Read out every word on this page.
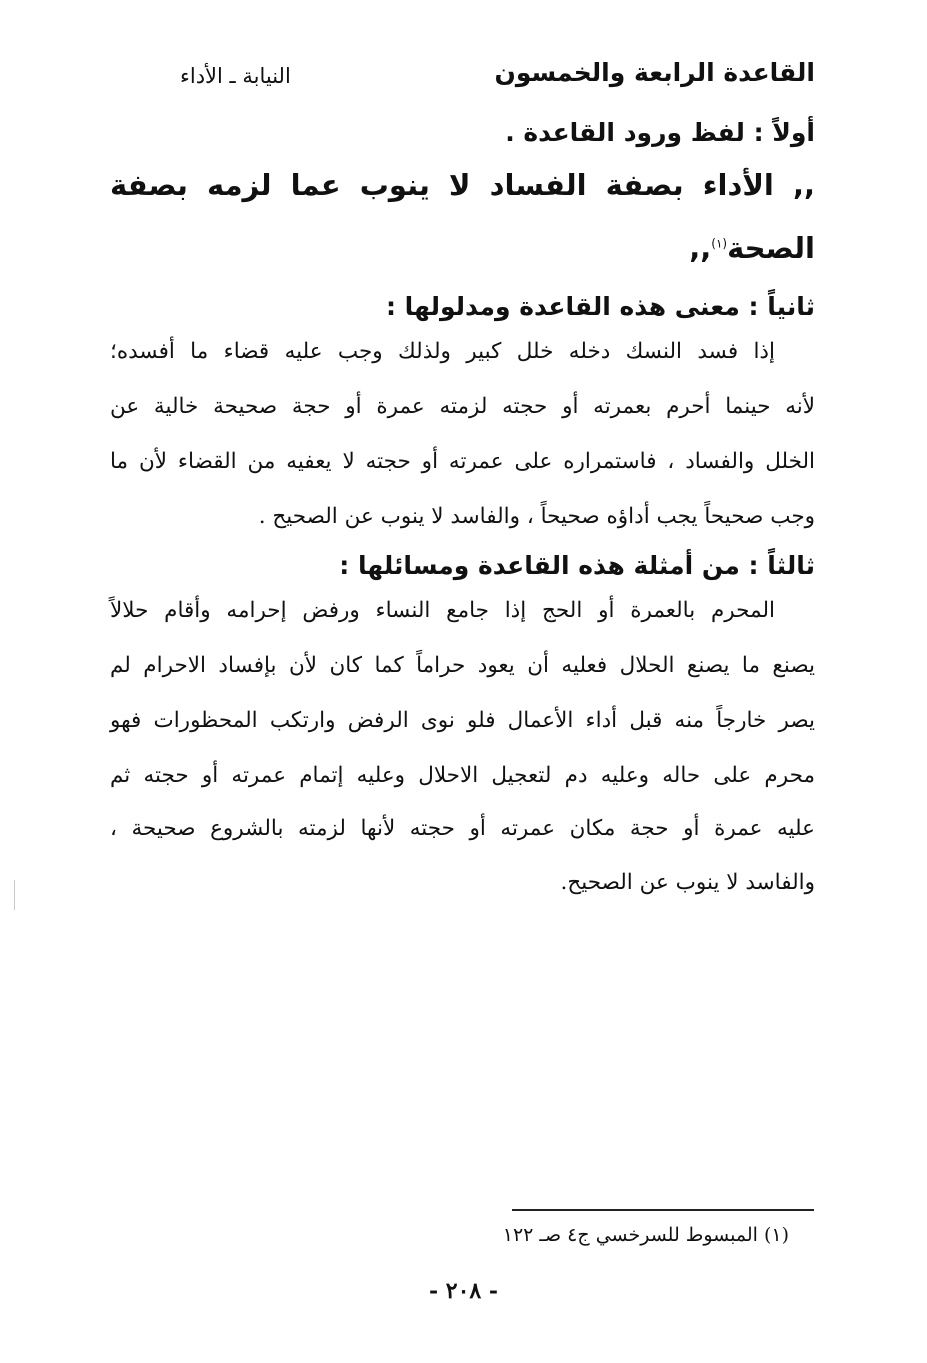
القاعدة الرابعة والخمسون
النيابة ـ الأداء
أولاً : لفظ ورود القاعدة .
,, الأداء بصفة الفساد لا ينوب عما لزمه بصفة
الصحة$^{(١)}$,,
ثانياً : معنى هذه القاعدة ومدلولها :
إذا فسد النسك دخله خلل كبير ولذلك وجب عليه قضاء ما أفسده؛
لأنه حينما أحرم بعمرته أو حجته لزمته عمرة أو حجة صحيحة خالية عن
الخلل والفساد ، فاستمراره على عمرته أو حجته لا يعفيه من القضاء لأن ما
وجب صحيحاً يجب أداؤه صحيحاً ، والفاسد لا ينوب عن الصحيح .
ثالثاً : من أمثلة هذه القاعدة ومسائلها :
المحرم بالعمرة أو الحج إذا جامع النساء ورفض إحرامه وأقام حلالاً
يصنع ما يصنع الحلال فعليه أن يعود حراماً كما كان لأن بإفساد الاحرام لم
يصر خارجاً منه قبل أداء الأعمال فلو نوى الرفض وارتكب المحظورات فهو
محرم على حاله وعليه دم لتعجيل الاحلال وعليه إتمام عمرته أو حجته ثم
عليه عمرة أو حجة مكان عمرته أو حجته لأنها لزمته بالشروع صحيحة ،
والفاسد لا ينوب عن الصحيح.
(١) المبسوط للسرخسي ج٤ صـ ١٢٢
- ٢٠٨ -
